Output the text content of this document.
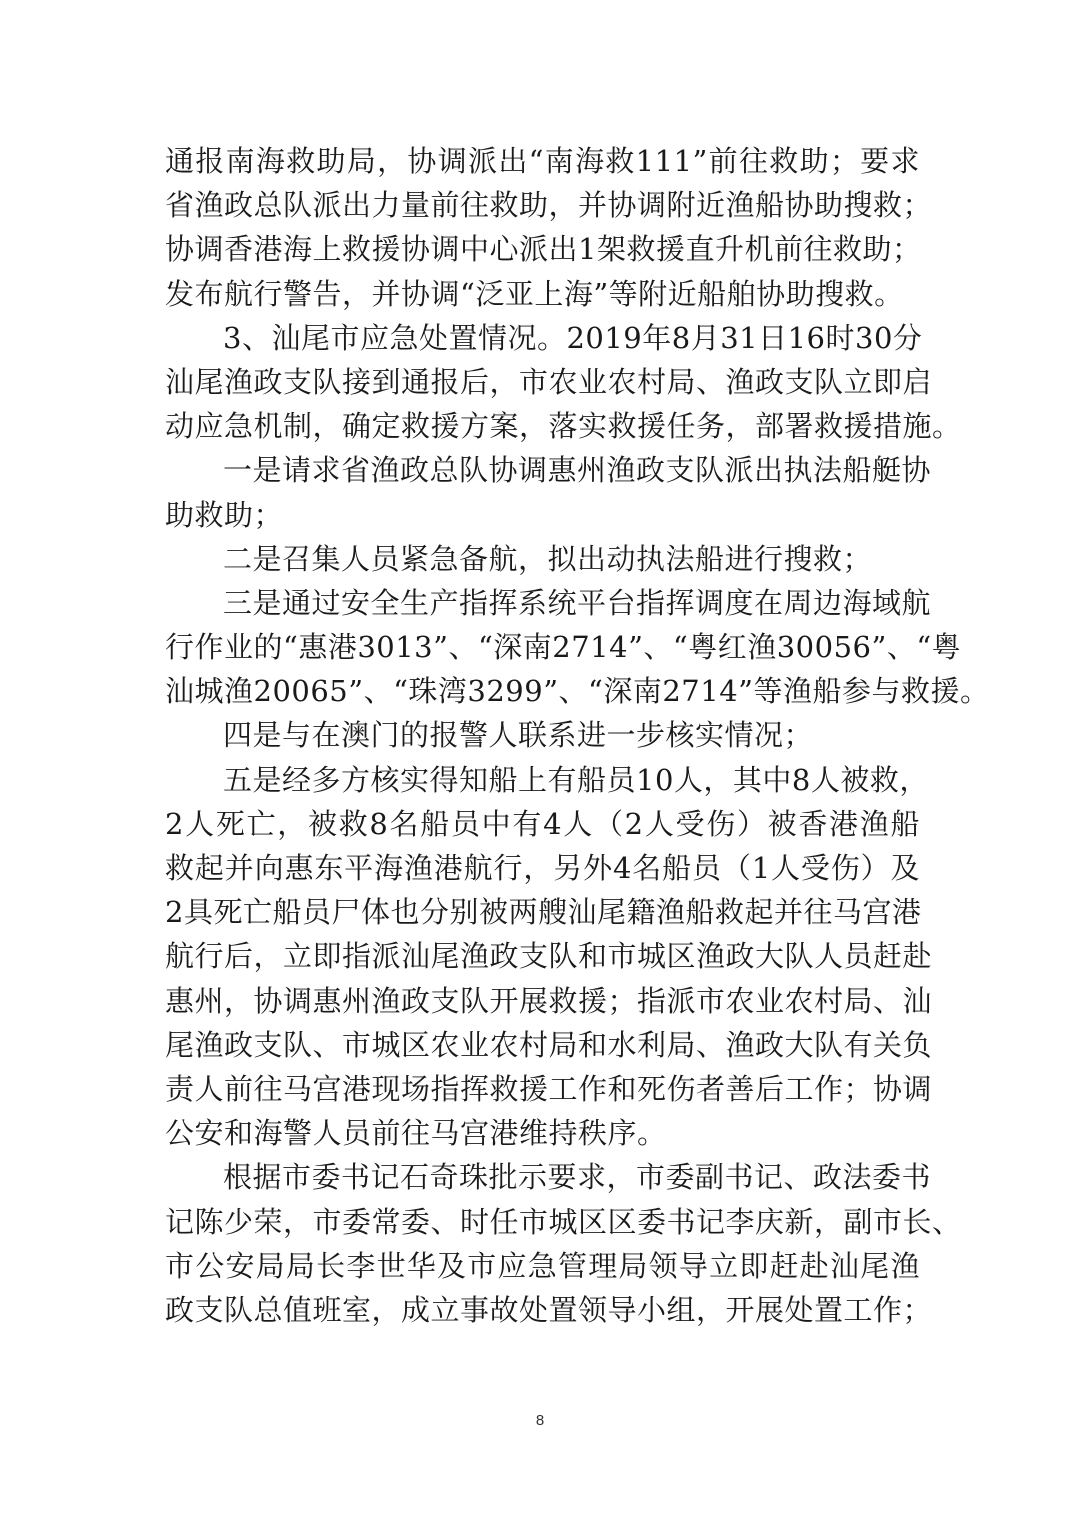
通报南海救助局，协调派出“南海救111”前往救助；要求
省渔政总队派出力量前往救助，并协调附近渔船协助搜救；
协调香港海上救援协调中心派出1架救援直升机前往救助；
发布航行警告，并协调“泛亚上海”等附近船舶协助搜救。
3、汕尾市应急处置情况。2019年8月31日16时30分
汕尾渔政支队接到通报后，市农业农村局、渔政支队立即启
动应急机制，确定救援方案，落实救援任务，部署救援措施。
一是请求省渔政总队协调惠州渔政支队派出执法船艇协
助救助；
二是召集人员紧急备航，拟出动执法船进行搜救；
三是通过安全生产指挥系统平台指挥调度在周边海域航
行作业的“惠港3013”、“深南2714”、“粤红渔30056”、“粤
汕城渔20065”、“珠湾3299”、“深南2714”等渔船参与救援。
四是与在澳门的报警人联系进一步核实情况；
五是经多方核实得知船上有船员10人，其中8人被救，
2人死亡，被救8名船员中有4人（2人受伤）被香港渔船
救起并向惠东平海渔港航行，另外4名船员（1人受伤）及
2具死亡船员尸体也分别被两艘汕尾籍渔船救起并往马宫港
航行后，立即指派汕尾渔政支队和市城区渔政大队人员赶赴
惠州，协调惠州渔政支队开展救援；指派市农业农村局、汕
尾渔政支队、市城区农业农村局和水利局、渔政大队有关负
责人前往马宫港现场指挥救援工作和死伤者善后工作；协调
公安和海警人员前往马宫港维持秩序。
根据市委书记石奇珠批示要求，市委副书记、政法委书
记陈少荣，市委常委、时任市城区区委书记李庆新，副市长、
市公安局局长李世华及市应急管理局领导立即赶赴汕尾渔
政支队总值班室，成立事故处置领导小组，开展处置工作；
8
